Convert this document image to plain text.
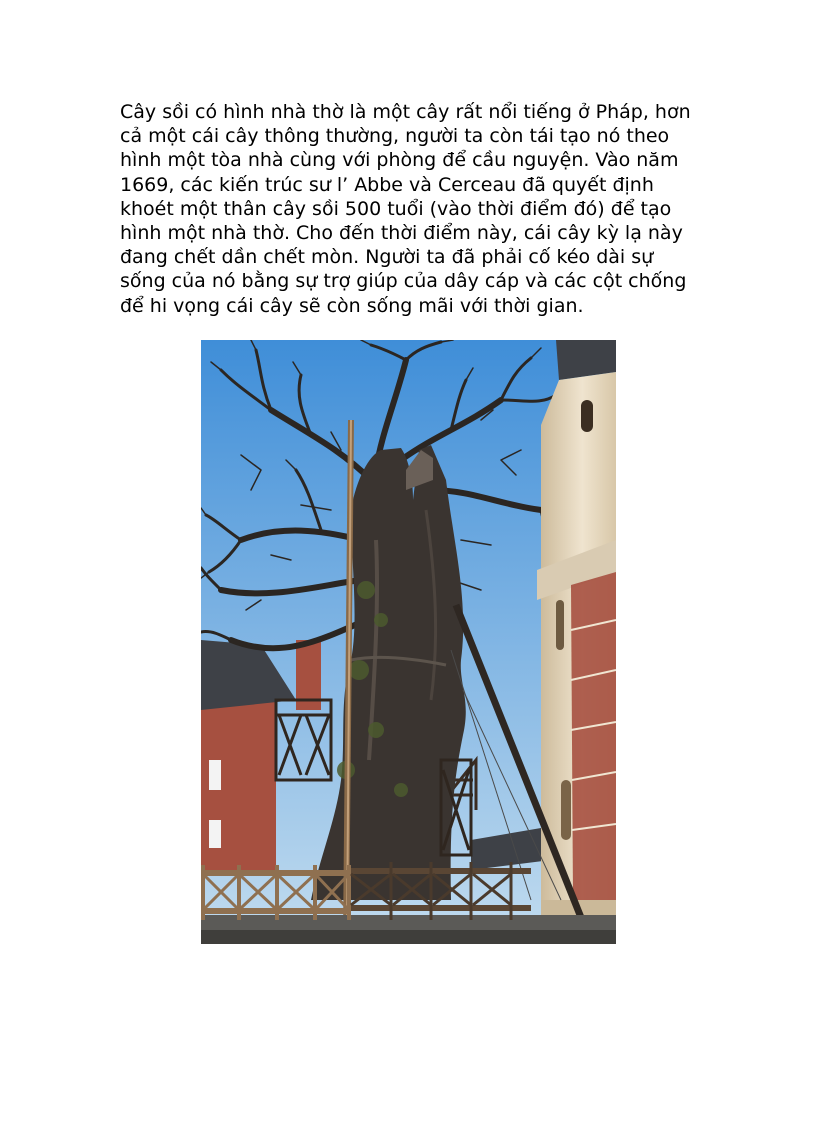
Cây sồi có hình nhà thờ là một cây rất nổi tiếng ở Pháp, hơn
cả một cái cây thông thường, người ta còn tái tạo nó theo
hình một tòa nhà cùng với phòng để cầu nguyện. Vào năm
1669, các kiến trúc sư l’ Abbe và Cerceau đã quyết định
khoét một thân cây sồi 500 tuổi (vào thời điểm đó) để tạo
hình một nhà thờ. Cho đến thời điểm này, cái cây kỳ lạ này
đang chết dần chết mòn. Người ta đã phải cố kéo dài sự
sống của nó bằng sự trợ giúp của dây cáp và các cột chống
để hi vọng cái cây sẽ còn sống mãi với thời gian.
